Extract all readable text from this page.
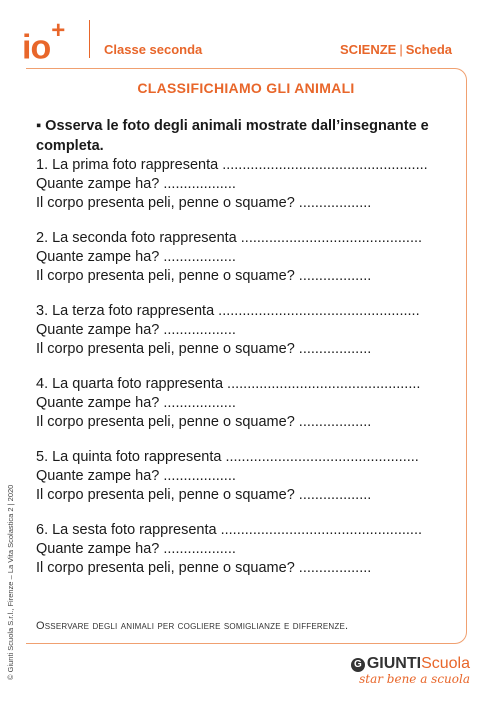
io+
Classe seconda	SCIENZE | Scheda
CLASSIFICHIAMO GLI ANIMALI
▪ Osserva le foto degli animali mostrate dall’insegnante e completa.
1. La prima foto rappresenta ...................................................
Quante zampe ha? ..................
Il corpo presenta peli, penne o squame? ..................
2. La seconda foto rappresenta .............................................
Quante zampe ha? ..................
Il corpo presenta peli, penne o squame? ..................
3. La terza foto rappresenta ..................................................
Quante zampe ha? ..................
Il corpo presenta peli, penne o squame? ..................
4. La quarta foto rappresenta ................................................
Quante zampe ha? ..................
Il corpo presenta peli, penne o squame? ..................
5. La quinta foto rappresenta ................................................
Quante zampe ha? ..................
Il corpo presenta peli, penne o squame? ..................
6. La sesta foto rappresenta ..................................................
Quante zampe ha? ..................
Il corpo presenta peli, penne o squame? ..................
Osservare degli animali per cogliere somiglianze e differenze.
© Giunti Scuola S.r.l., Firenze – La Vita Scolastica 2 | 2020	G GIUNTIScuola
star bene a scuola
